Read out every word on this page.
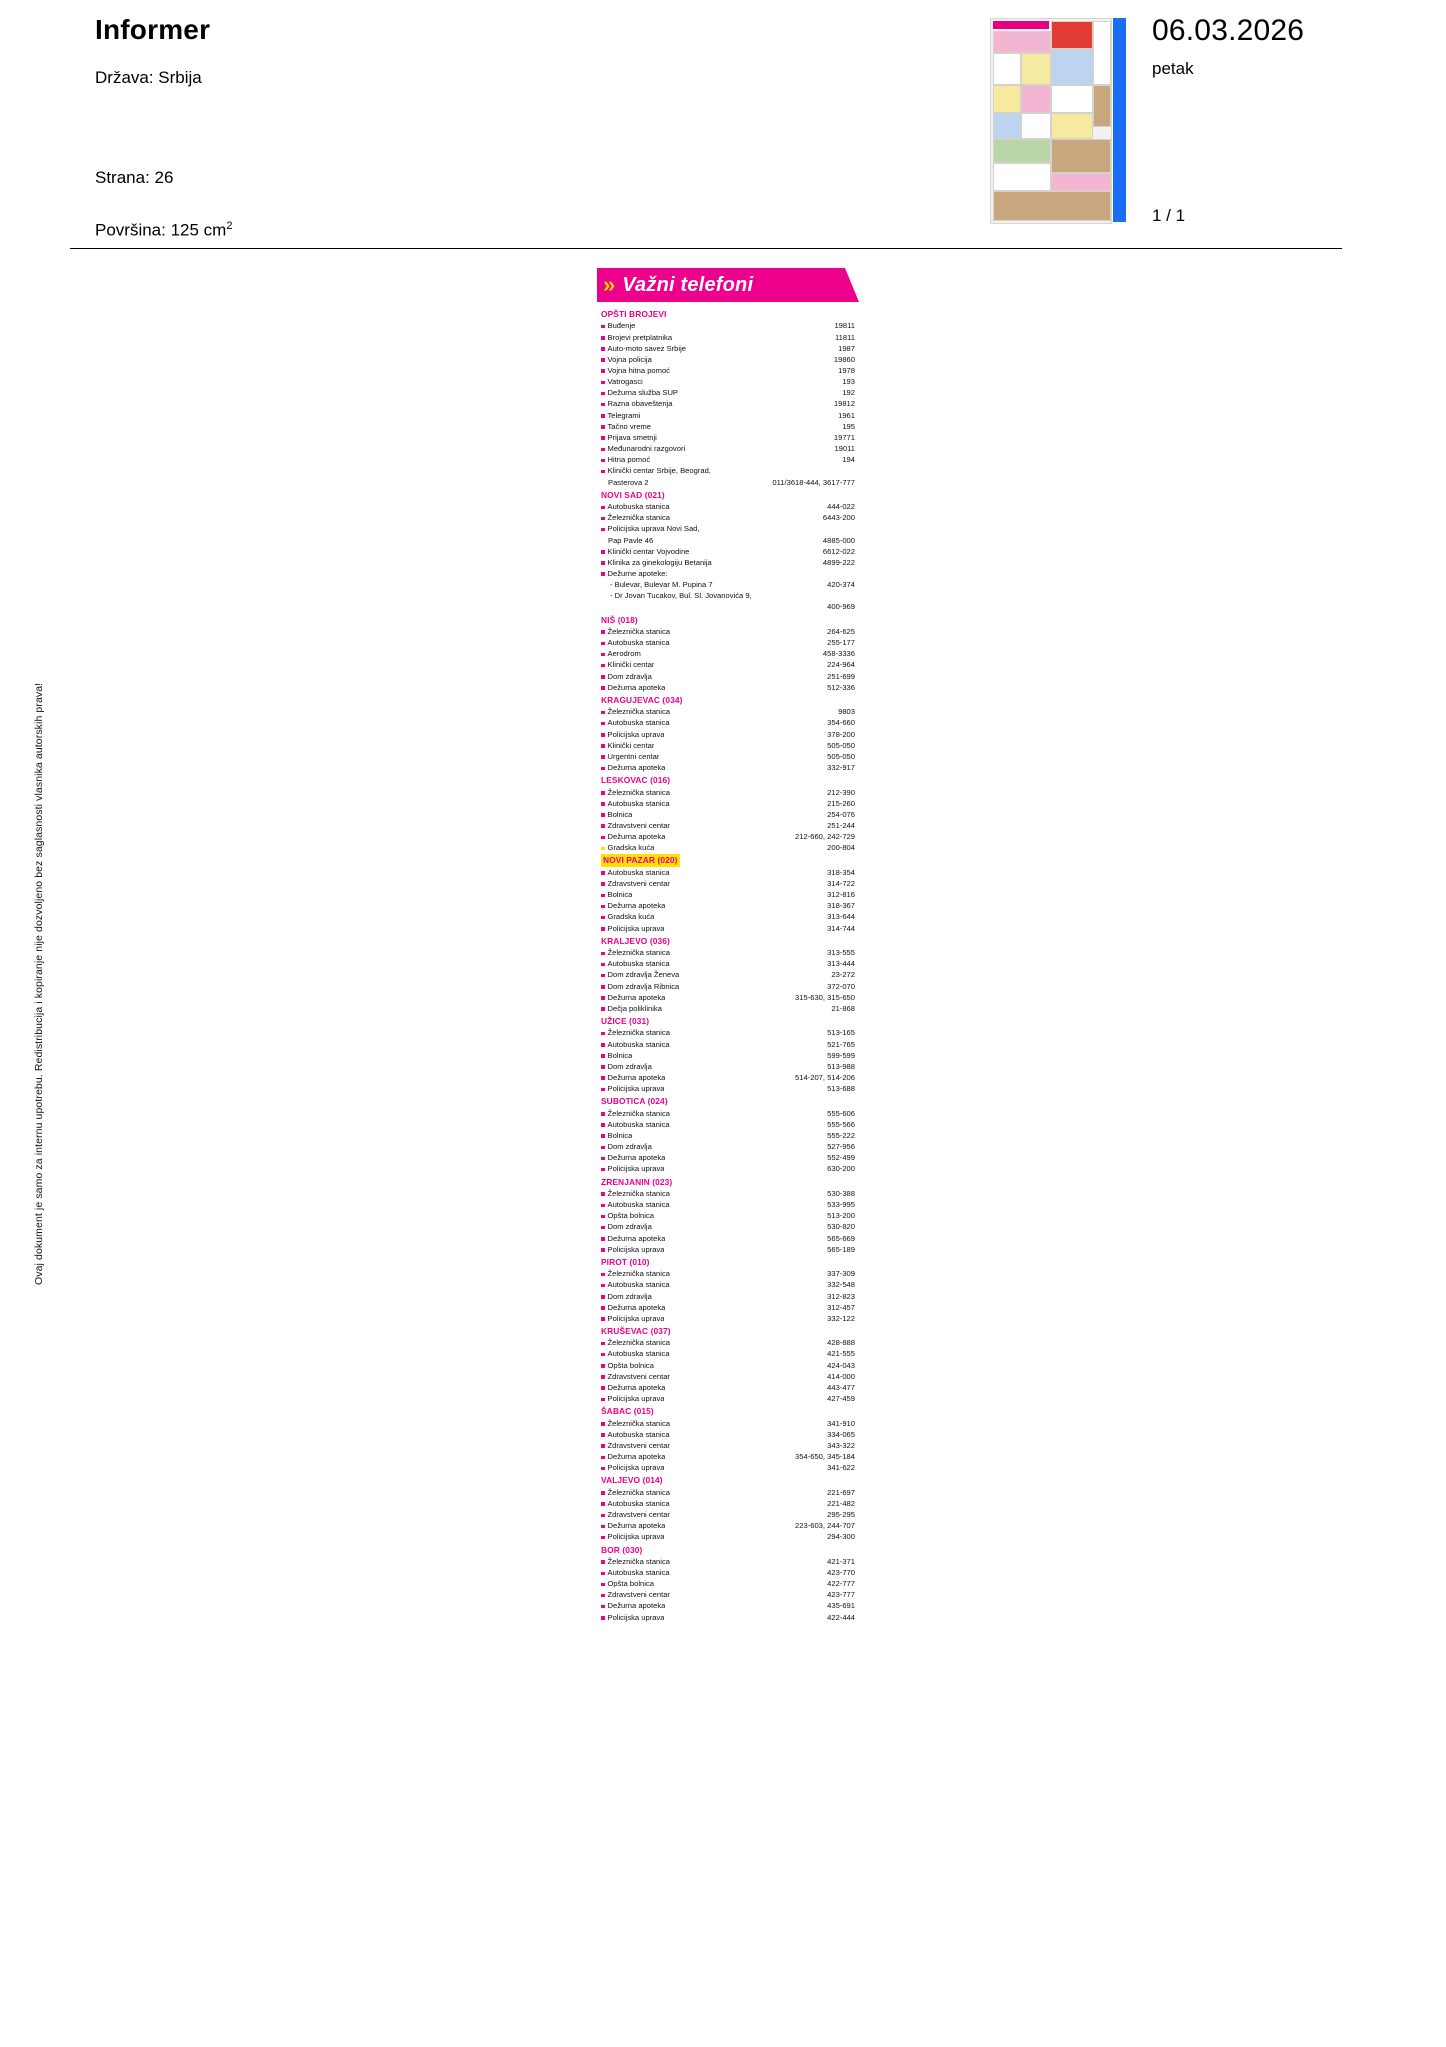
Informer
Država: Srbija
Strana: 26
Površina: 125 $cm^2$
06.03.2026
petak
1 / 1
Ovaj dokument je samo za internu upotrebu. Redistribucija i kopiranje nije dozvoljeno bez saglasnosti vlasnika autorskih prava!
» Važni telefoni
OPŠTI BROJEVI
Buđenje	19811
Brojevi pretplatnika	11811
Auto-moto savez Srbije	1987
Vojna policija	19860
Vojna hitna pomoć	1978
Vatrogasci	193
Dežurna služba SUP	192
Razna obaveštenja	19812
Telegrami	1961
Tačno vreme	195
Prijava smetnji	19771
Međunarodni razgovori	19011
Hitna pomoć	194
Klinički centar Srbije, Beograd,
Pasterova 2	011/3618-444, 3617-777
NOVI SAD (021)
Autobuska stanica	444-022
Železnička stanica	6443-200
Policijska uprava Novi Sad,
Pap Pavle 46	4885-000
Klinički centar Vojvodine	6612-022
Klinika za ginekologiju Betanija	4899-222
Dežurne apoteke:
- Bulevar, Bulevar M. Pupina 7	420-374
- Dr Jovan Tucakov, Bul. Sl. Jovanovića 9,
400-969
NIŠ (018)
Železnička stanica	264-625
Autobuska stanica	255-177
Aerodrom	458-3336
Klinički centar	224-964
Dom zdravlja	251-699
Dežurna apoteka	512-336
KRAGUJEVAC (034)
Železnička stanica	9803
Autobuska stanica	354-660
Policijska uprava	378-200
Klinički centar	505-050
Urgentni centar	505-050
Dežurna apoteka	332-917
LESKOVAC (016)
Železnička stanica	212-390
Autobuska stanica	215-260
Bolnica	254-076
Zdravstveni centar	251-244
Dežurna apoteka	212-660, 242-729
Gradska kuća	200-804
NOVI PAZAR (020)
Autobuska stanica	318-354
Zdravstveni centar	314-722
Bolnica	312-816
Dežurna apoteka	318-367
Gradska kuća	313-644
Policijska uprava	314-744
KRALJEVO (036)
Železnička stanica	313-555
Autobuska stanica	313-444
Dom zdravlja Ženeva	23-272
Dom zdravlja Ribnica	372-070
Dežurna apoteka	315-630, 315-650
Dečja poliklinika	21-868
UŽICE (031)
Železnička stanica	513-165
Autobuska stanica	521-765
Bolnica	599-599
Dom zdravlja	513-988
Dežurna apoteka	514-207, 514-206
Policijska uprava	513-688
SUBOTICA (024)
Železnička stanica	555-606
Autobuska stanica	555-566
Bolnica	555-222
Dom zdravlja	527-956
Dežurna apoteka	552-499
Policijska uprava	630-200
ZRENJANIN (023)
Železnička stanica	530-388
Autobuska stanica	533-995
Opšta bolnica	513-200
Dom zdravlja	530-820
Dežurna apoteka	565-669
Policijska uprava	565-189
PIROT (010)
Železnička stanica	337-309
Autobuska stanica	332-548
Dom zdravlja	312-823
Dežurna apoteka	312-457
Policijska uprava	332-122
KRUŠEVAC (037)
Železnička stanica	428-888
Autobuska stanica	421-555
Opšta bolnica	424-043
Zdravstveni centar	414-000
Dežurna apoteka	443-477
Policijska uprava	427-459
ŠABAC (015)
Železnička stanica	341-910
Autobuska stanica	334-065
Zdravstveni centar	343-322
Dežurna apoteka	354-650, 345-184
Policijska uprava	341-622
VALJEVO (014)
Železnička stanica	221-697
Autobuska stanica	221-482
Zdravstveni centar	295-295
Dežurna apoteka	223-603, 244-707
Policijska uprava	294-300
BOR (030)
Železnička stanica	421-371
Autobuska stanica	423-770
Opšta bolnica	422-777
Zdravstveni centar	423-777
Dežurna apoteka	435-691
Policijska uprava	422-444
